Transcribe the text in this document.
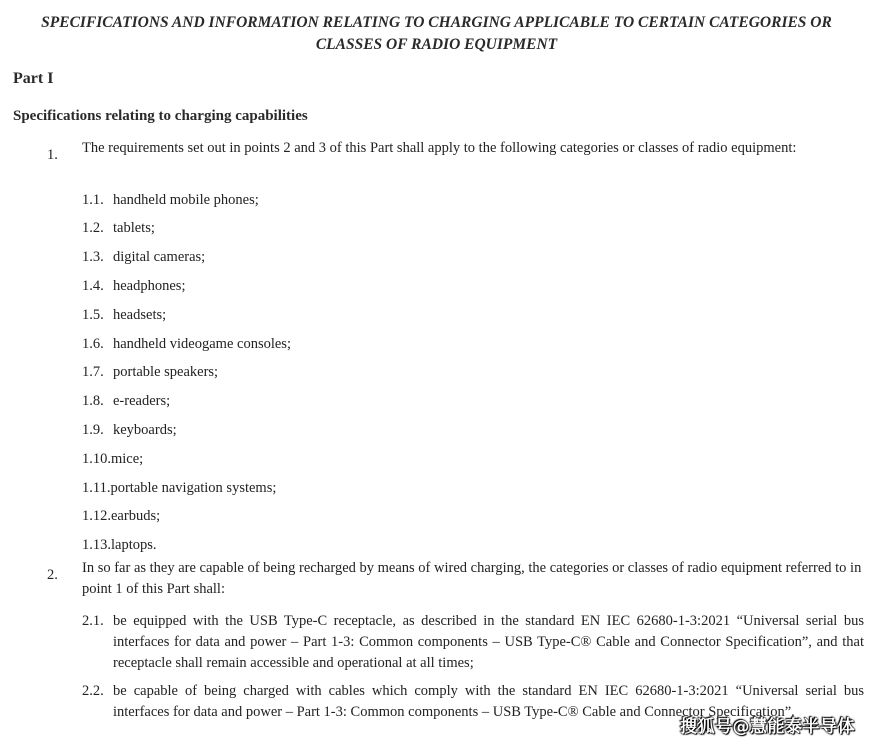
SPECIFICATIONS AND INFORMATION RELATING TO CHARGING APPLICABLE TO CERTAIN CATEGORIES OR
CLASSES OF RADIO EQUIPMENT
Part I
Specifications relating to charging capabilities
1. The requirements set out in points 2 and 3 of this Part shall apply to the following categories or classes of radio equipment:
1.1. handheld mobile phones;
1.2. tablets;
1.3. digital cameras;
1.4. headphones;
1.5. headsets;
1.6. handheld videogame consoles;
1.7. portable speakers;
1.8. e-readers;
1.9. keyboards;
1.10.mice;
1.11.portable navigation systems;
1.12.earbuds;
1.13.laptops.
2. In so far as they are capable of being recharged by means of wired charging, the categories or classes of radio equipment referred to in point 1 of this Part shall:
2.1. be equipped with the USB Type-C receptacle, as described in the standard EN IEC 62680-1-3:2021 “Universal serial bus interfaces for data and power – Part 1-3: Common components – USB Type-C® Cable and Connector Specification”, and that receptacle shall remain accessible and operational at all times;
2.2. be capable of being charged with cables which comply with the standard EN IEC 62680-1-3:2021 “Universal serial bus interfaces for data and power – Part 1-3: Common components – USB Type-C® Cable and Connector Specification”.
搜狐号@慧能泰半导体
